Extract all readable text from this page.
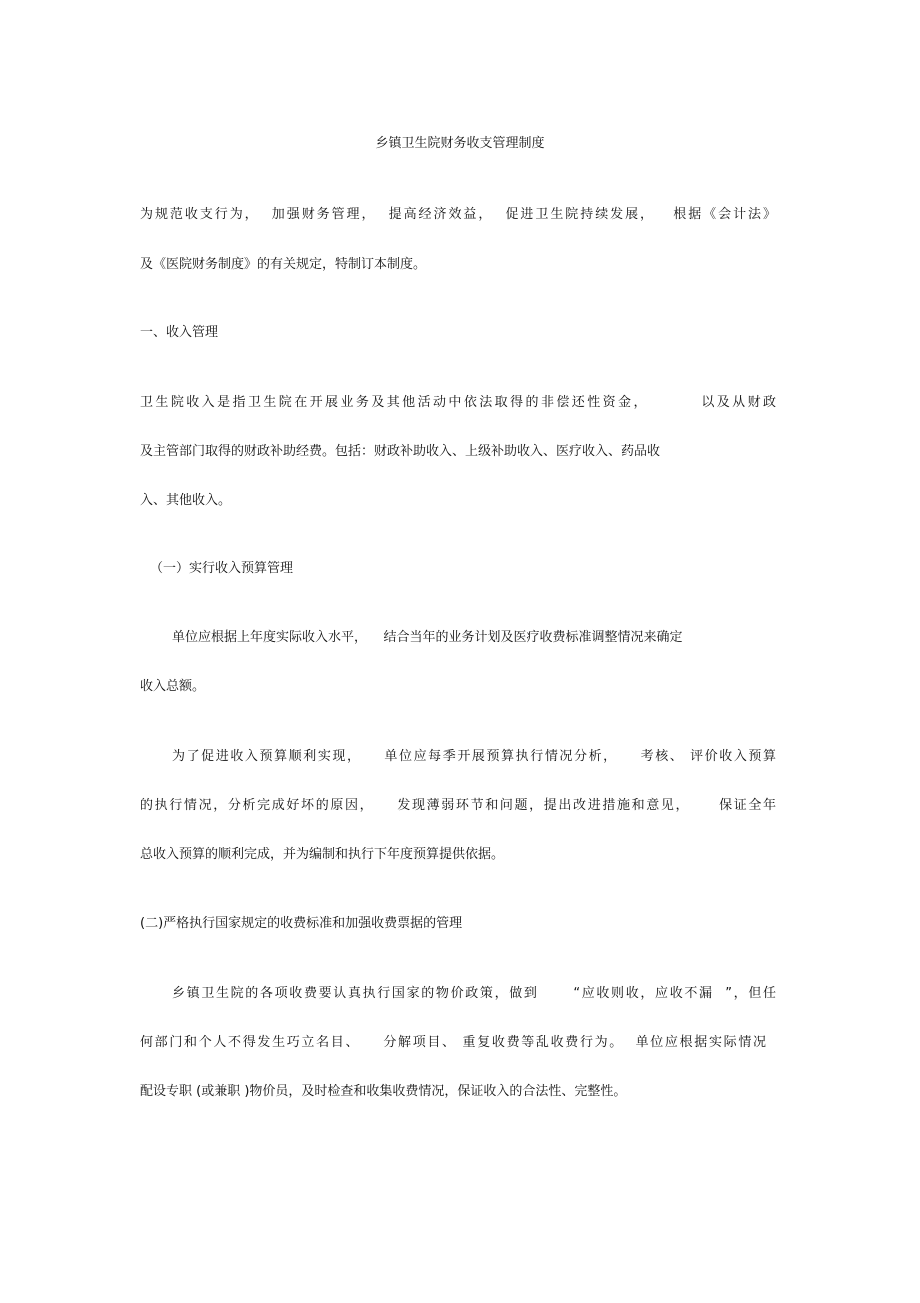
乡镇卫生院财务收支管理制度
为规范收支行为，  加强财务管理，  提高经济效益，  促进卫生院持续发展，   根据《会计法》
及《医院财务制度》的有关规定，特制订本制度。
一、收入管理
卫生院收入是指卫生院在开展业务及其他活动中依法取得的非偿还性资金，        以及从财政
及主管部门取得的财政补助经费。包括：财政补助收入、上级补助收入、医疗收入、药品收
入、其他收入。
（一）实行收入预算管理
单位应根据上年度实际收入水平，    结合当年的业务计划及医疗收费标准调整情况来确定
收入总额。
为了促进收入预算顺利实现，    单位应每季开展预算执行情况分析，    考核、 评价收入预算
的执行情况，分析完成好坏的原因，    发现薄弱环节和问题，提出改进措施和意见，     保证全年
总收入预算的顺利完成，并为编制和执行下年度预算提供依据。
(二)严格执行国家规定的收费标准和加强收费票据的管理
乡镇卫生院的各项收费要认真执行国家的物价政策，做到      “应收则收，应收不漏  ”，但任
何部门和个人不得发生巧立名目、    分解项目、 重复收费等乱收费行为。  单位应根据实际情况
配设专职 (或兼职 )物价员，及时检查和收集收费情况，保证收入的合法性、完整性。
